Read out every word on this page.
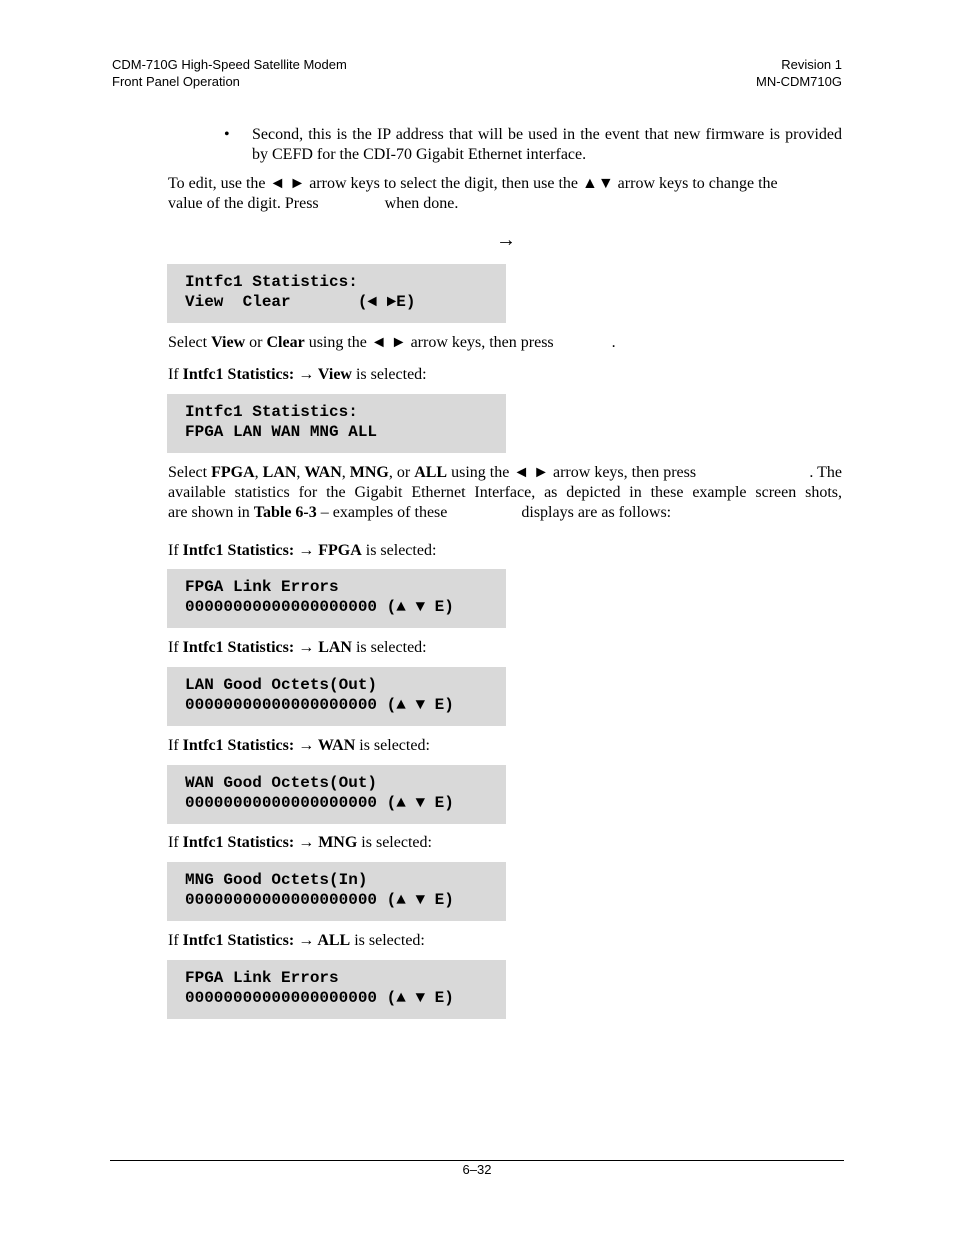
CDM-710G High-Speed Satellite Modem
Front Panel Operation
Revision 1
MN-CDM710G
• Second, this is the IP address that will be used in the event that new firmware is provided by CEFD for the CDI-70 Gigabit Ethernet interface.
To edit, use the ◄ ► arrow keys to select the digit, then use the ▲▼ arrow keys to change the
value of the digit. Press	when done.
→
Intfc1 Statistics:
View  Clear       (◄ ►E)
Select View or Clear using the ◄ ► arrow keys, then press	.
If Intfc1 Statistics: → View is selected:
Intfc1 Statistics:
FPGA LAN WAN MNG ALL
Select FPGA, LAN, WAN, MNG, or ALL using the ◄ ► arrow keys, then press	. The
available statistics for the Gigabit Ethernet Interface, as depicted in these example screen shots,
are shown in Table 6-3 – examples of these	displays are as follows:
If Intfc1 Statistics: → FPGA is selected:
FPGA Link Errors
00000000000000000000 (▲ ▼ E)
If Intfc1 Statistics: → LAN is selected:
LAN Good Octets(Out)
00000000000000000000 (▲ ▼ E)
If Intfc1 Statistics: → WAN is selected:
WAN Good Octets(Out)
00000000000000000000 (▲ ▼ E)
If Intfc1 Statistics: → MNG is selected:
MNG Good Octets(In)
00000000000000000000 (▲ ▼ E)
If Intfc1 Statistics: → ALL is selected:
FPGA Link Errors
00000000000000000000 (▲ ▼ E)
6–32
